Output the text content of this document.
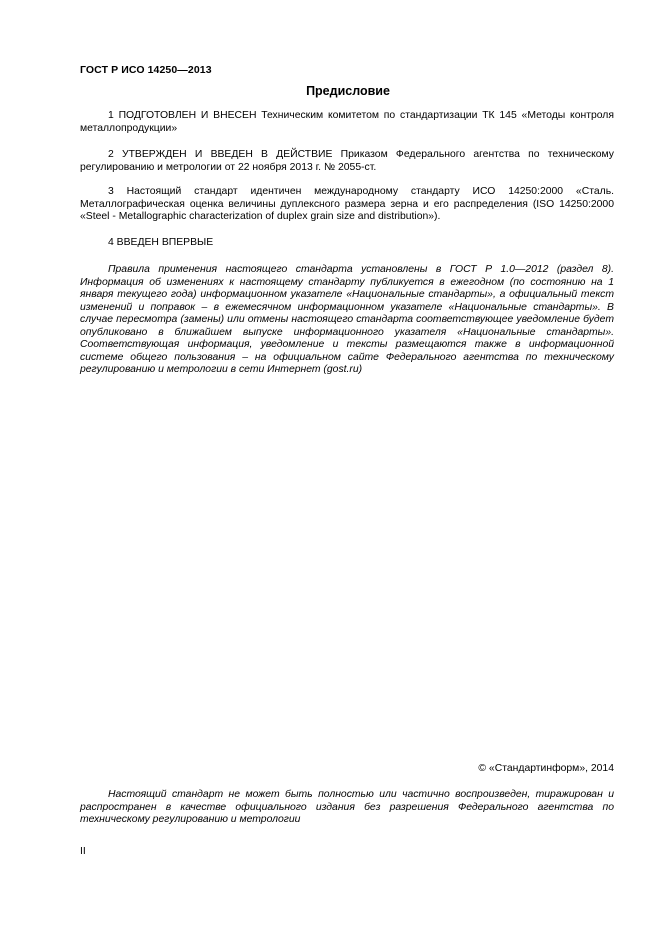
ГОСТ Р ИСО 14250—2013
Предисловие

1 ПОДГОТОВЛЕН И ВНЕСЕН Техническим комитетом по стандартизации ТК 145 «Методы контроля металлопродукции»

2 УТВЕРЖДЕН И ВВЕДЕН В ДЕЙСТВИЕ Приказом Федерального агентства по техническому регулированию и метрологии от 22 ноября 2013 г. № 2055-ст.

3 Настоящий стандарт идентичен международному стандарту ИСО 14250:2000 «Сталь. Металлографическая оценка величины дуплексного размера зерна и его распределения (ISO 14250:2000 «Steel - Metallographic characterization of duplex grain size and distribution»).

4 ВВЕДЕН ВПЕРВЫЕ

Правила применения настоящего стандарта установлены в ГОСТ Р 1.0—2012 (раздел 8). Информация об изменениях к настоящему стандарту публикуется в ежегодном (по состоянию на 1 января текущего года) информационном указателе «Национальные стандарты», а официальный текст изменений и поправок – в ежемесячном информационном указателе «Национальные стандарты». В случае пересмотра (замены) или отмены настоящего стандарта соответствующее уведомление будет опубликовано в ближайшем выпуске информационного указателя «Национальные стандарты». Соответствующая информация, уведомление и тексты размещаются также в информационной системе общего пользования – на официальном сайте Федерального агентства по техническому регулированию и метрологии в сети Интернет (gost.ru)

© «Стандартинформ», 2014

Настоящий стандарт не может быть полностью или частично воспроизведен, тиражирован и распространен в качестве официального издания без разрешения Федерального агентства по техническому регулированию и метрологии

II
